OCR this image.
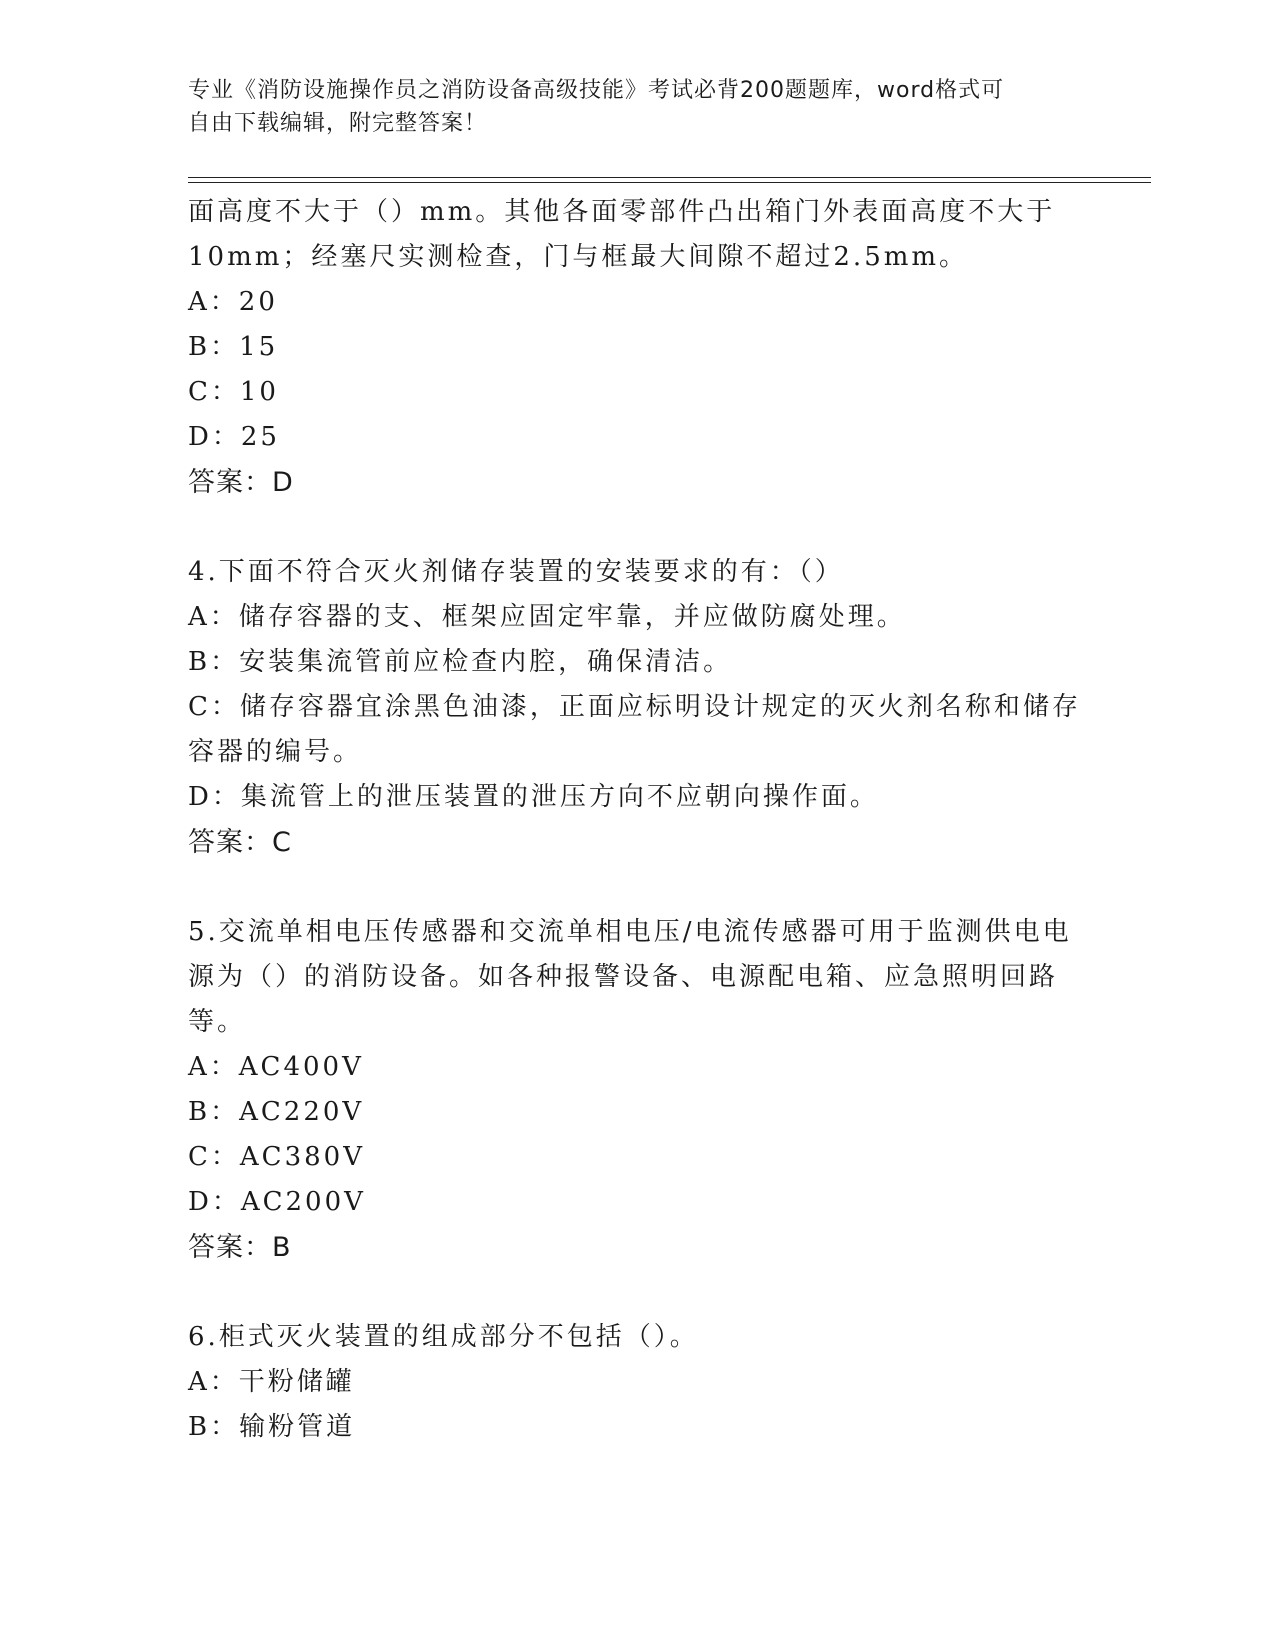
专业《消防设施操作员之消防设备高级技能》考试必背200题题库，word格式可
自由下载编辑，附完整答案！
面高度不大于（）mm。其他各面零部件凸出箱门外表面高度不大于
10mm；经塞尺实测检查，门与框最大间隙不超过2.5mm。
A：20
B：15
C：10
D：25
答案：D
4.下面不符合灭火剂储存装置的安装要求的有：（）
A：储存容器的支、框架应固定牢靠，并应做防腐处理。
B：安装集流管前应检查内腔，确保清洁。
C：储存容器宜涂黑色油漆，正面应标明设计规定的灭火剂名称和储存
容器的编号。
D：集流管上的泄压装置的泄压方向不应朝向操作面。
答案：C
5.交流单相电压传感器和交流单相电压/电流传感器可用于监测供电电
源为（）的消防设备。如各种报警设备、电源配电箱、应急照明回路
等。
A：AC400V
B：AC220V
C：AC380V
D：AC200V
答案：B
6.柜式灭火装置的组成部分不包括（）。
A：干粉储罐
B：输粉管道
